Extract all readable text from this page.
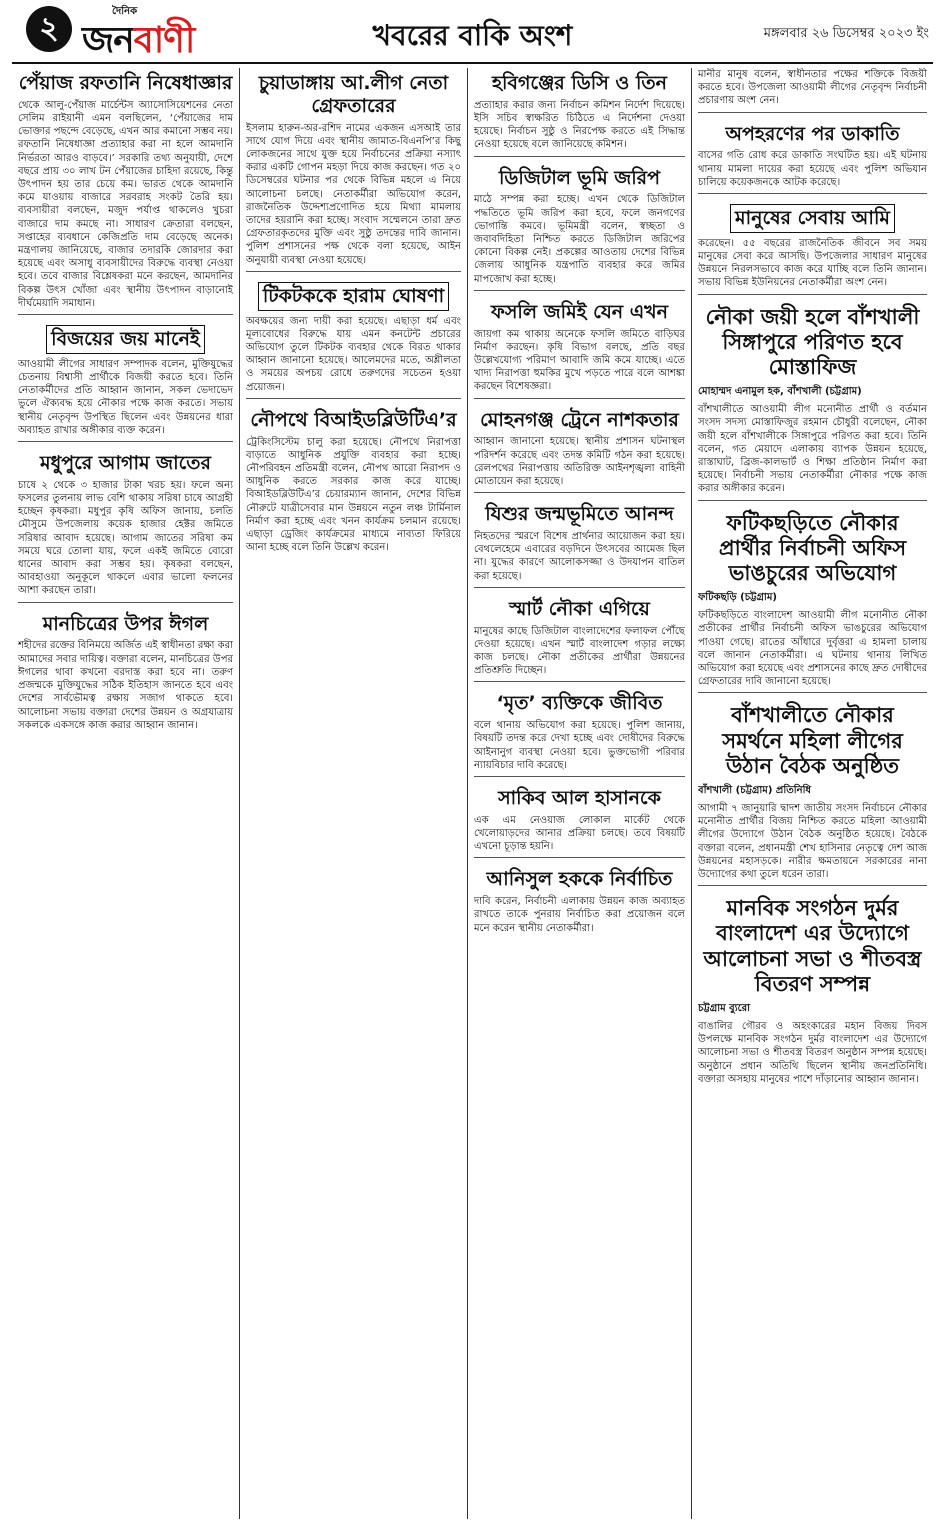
২	দৈনিক
জনবাণী	খবরের বাকি অংশ	মঙ্গলবার ২৬ ডিসেম্বর ২০২৩ ইং
পেঁয়াজ রফতানি নিষেধাজ্ঞার

থেকে আলু-পেঁয়াজ মার্চেন্টস অ্যাসোসিয়েশনের নেতা সেলিম রাইয়ানী এমন বলছিলেন, ‘পেঁয়াজের দাম ভোক্তার পছন্দে বেড়েছে, এখন আর কমানো সম্ভব নয়। রফতানি নিষেধাজ্ঞা প্রত্যাহার করা না হলে আমদানি নির্ভরতা আরও বাড়বে।’ সরকারি তথ্য অনুযায়ী, দেশে বছরে প্রায় ৩০ লাখ টন পেঁয়াজের চাহিদা রয়েছে, কিন্তু উৎপাদন হয় তার চেয়ে কম। ভারত থেকে আমদানি কমে যাওয়ায় বাজারে সরবরাহ সংকট তৈরি হয়। ব্যবসায়ীরা বলছেন, মজুদ পর্যাপ্ত থাকলেও খুচরা বাজারে দাম কমছে না। সাধারণ ক্রেতারা বলছেন, সপ্তাহের ব্যবধানে কেজিপ্রতি দাম বেড়েছে অনেক। মন্ত্রণালয় জানিয়েছে, বাজার তদারকি জোরদার করা হয়েছে এবং অসাধু ব্যবসায়ীদের বিরুদ্ধে ব্যবস্থা নেওয়া হবে। তবে বাজার বিশ্লেষকরা মনে করছেন, আমদানির বিকল্প উৎস খোঁজা এবং স্থানীয় উৎপাদন বাড়ানোই দীর্ঘমেয়াদি সমাধান।

বিজয়ের জয় মানেই

আওয়ামী লীগের সাধারণ সম্পাদক বলেন, মুক্তিযুদ্ধের চেতনায় বিশ্বাসী প্রার্থীকে বিজয়ী করতে হবে। তিনি নেতাকর্মীদের প্রতি আহ্বান জানান, সকল ভেদাভেদ ভুলে ঐক্যবদ্ধ হয়ে নৌকার পক্ষে কাজ করতে। সভায় স্থানীয় নেতৃবৃন্দ উপস্থিত ছিলেন এবং উন্নয়নের ধারা অব্যাহত রাখার অঙ্গীকার ব্যক্ত করেন।

মধুপুরে আগাম জাতের

চাষে ২ থেকে ৩ হাজার টাকা খরচ হয়। ফলে অন্য ফসলের তুলনায় লাভ বেশি থাকায় সরিষা চাষে আগ্রহী হচ্ছেন কৃষকরা। মধুপুর কৃষি অফিস জানায়, চলতি মৌসুমে উপজেলায় কয়েক হাজার হেক্টর জমিতে সরিষার আবাদ হয়েছে। আগাম জাতের সরিষা কম সময়ে ঘরে তোলা যায়, ফলে একই জমিতে বোরো ধানের আবাদ করা সম্ভব হয়। কৃষকরা বলছেন, আবহাওয়া অনুকূলে থাকলে এবার ভালো ফলনের আশা করছেন তারা।

মানচিত্রের উপর ঈগল

শহীদের রক্তের বিনিময়ে অর্জিত এই স্বাধীনতা রক্ষা করা আমাদের সবার দায়িত্ব। বক্তারা বলেন, মানচিত্রের উপর ঈগলের থাবা কখনো বরদাস্ত করা হবে না। তরুণ প্রজন্মকে মুক্তিযুদ্ধের সঠিক ইতিহাস জানতে হবে এবং দেশের সার্বভৌমত্ব রক্ষায় সজাগ থাকতে হবে। আলোচনা সভায় বক্তারা দেশের উন্নয়ন ও অগ্রযাত্রায় সকলকে একসঙ্গে কাজ করার আহ্বান জানান।

চুয়াডাঙ্গায় আ.লীগ নেতা গ্রেফতারের

ইসলাম হারুন-অর-রশিদ নামের একজন এসআই তার সাথে যোগ দিয়ে এবং স্থানীয় জামাত-বিএনপি’র কিছু লোকজনের সাথে যুক্ত হয়ে নির্বাচনের প্রক্রিয়া নস্যাৎ করার একটি গোপন মহড়া দিয়ে কাজ করছেন। গত ২০ ডিসেম্বরের ঘটনার পর থেকে বিভিন্ন মহলে এ নিয়ে আলোচনা চলছে। নেতাকর্মীরা অভিযোগ করেন, রাজনৈতিক উদ্দেশ্যপ্রণোদিত হয়ে মিথ্যা মামলায় তাদের হয়রানি করা হচ্ছে। সংবাদ সম্মেলনে তারা দ্রুত গ্রেফতারকৃতদের মুক্তি এবং সুষ্ঠু তদন্তের দাবি জানান। পুলিশ প্রশাসনের পক্ষ থেকে বলা হয়েছে, আইন অনুযায়ী ব্যবস্থা নেওয়া হয়েছে।

টিকটককে হারাম ঘোষণা

অবক্ষয়ের জন্য দায়ী করা হয়েছে। এছাড়া ধর্ম এবং মূল্যবোধের বিরুদ্ধে যায় এমন কনটেন্ট প্রচারের অভিযোগ তুলে টিকটক ব্যবহার থেকে বিরত থাকার আহ্বান জানানো হয়েছে। আলেমদের মতে, অশ্লীলতা ও সময়ের অপচয় রোধে তরুণদের সচেতন হওয়া প্রয়োজন।

নৌপথে বিআইডব্লিউটিএ’র

ট্রেকিংসিস্টেম চালু করা হয়েছে। নৌপথে নিরাপত্তা বাড়াতে আধুনিক প্রযুক্তি ব্যবহার করা হচ্ছে। নৌপরিবহন প্রতিমন্ত্রী বলেন, নৌপথ আরো নিরাপদ ও আধুনিক করতে সরকার কাজ করে যাচ্ছে। বিআইডব্লিউটিএ’র চেয়ারম্যান জানান, দেশের বিভিন্ন নৌরুটে যাত্রীসেবার মান উন্নয়নে নতুন লঞ্চ টার্মিনাল নির্মাণ করা হচ্ছে এবং খনন কার্যক্রম চলমান রয়েছে। এছাড়া ড্রেজিং কার্যক্রমের মাধ্যমে নাব্যতা ফিরিয়ে আনা হচ্ছে বলে তিনি উল্লেখ করেন।

হবিগঞ্জের ডিসি ও তিন

প্রত্যাহার করার জন্য নির্বাচন কমিশন নির্দেশ দিয়েছে। ইসি সচিব স্বাক্ষরিত চিঠিতে এ নির্দেশনা দেওয়া হয়েছে। নির্বাচন সুষ্ঠু ও নিরপেক্ষ করতে এই সিদ্ধান্ত নেওয়া হয়েছে বলে জানিয়েছে কমিশন।

ডিজিটাল ভূমি জরিপ

মাঠে সম্পন্ন করা হচ্ছে। এখন থেকে ডিজিটাল পদ্ধতিতে ভূমি জরিপ করা হবে, ফলে জনগণের ভোগান্তি কমবে। ভূমিমন্ত্রী বলেন, স্বচ্ছতা ও জবাবদিহিতা নিশ্চিত করতে ডিজিটাল জরিপের কোনো বিকল্প নেই। প্রকল্পের আওতায় দেশের বিভিন্ন জেলায় আধুনিক যন্ত্রপাতি ব্যবহার করে জমির মাপজোখ করা হচ্ছে।

ফসলি জমিই যেন এখন

জায়গা কম থাকায় অনেকে ফসলি জমিতে বাড়িঘর নির্মাণ করছেন। কৃষি বিভাগ বলছে, প্রতি বছর উল্লেখযোগ্য পরিমাণ আবাদি জমি কমে যাচ্ছে। এতে খাদ্য নিরাপত্তা হুমকির মুখে পড়তে পারে বলে আশঙ্কা করছেন বিশেষজ্ঞরা।

মোহনগঞ্জ ট্রেনে নাশকতার

আহ্বান জানানো হয়েছে। স্থানীয় প্রশাসন ঘটনাস্থল পরিদর্শন করেছে এবং তদন্ত কমিটি গঠন করা হয়েছে। রেলপথের নিরাপত্তায় অতিরিক্ত আইনশৃঙ্খলা বাহিনী মোতায়েন করা হয়েছে।

যিশুর জন্মভূমিতে আনন্দ

নিহতদের স্মরণে বিশেষ প্রার্থনার আয়োজন করা হয়। বেথলেহেমে এবারের বড়দিনে উৎসবের আমেজ ছিল না। যুদ্ধের কারণে আলোকসজ্জা ও উদযাপন বাতিল করা হয়েছে।

স্মার্ট নৌকা এগিয়ে

মানুষের কাছে ডিজিটাল বাংলাদেশের ফলাফল পৌঁছে দেওয়া হয়েছে। এখন স্মার্ট বাংলাদেশ গড়ার লক্ষ্যে কাজ চলছে। নৌকা প্রতীকের প্রার্থীরা উন্নয়নের প্রতিশ্রুতি দিচ্ছেন।

‘মৃত’ ব্যক্তিকে জীবিত

বলে থানায় অভিযোগ করা হয়েছে। পুলিশ জানায়, বিষয়টি তদন্ত করে দেখা হচ্ছে এবং দোষীদের বিরুদ্ধে আইনানুগ ব্যবস্থা নেওয়া হবে। ভুক্তভোগী পরিবার ন্যায়বিচার দাবি করেছে।

সাকিব আল হাসানকে

এক এম নেওয়াজ লোকাল মার্কেট থেকে খেলোয়াড়দের আনার প্রক্রিয়া চলছে। তবে বিষয়টি এখনো চূড়ান্ত হয়নি।

আনিসুল হককে নির্বাচিত

দাবি করেন, নির্বাচনী এলাকায় উন্নয়ন কাজ অব্যাহত রাখতে তাকে পুনরায় নির্বাচিত করা প্রয়োজন বলে মনে করেন স্থানীয় নেতাকর্মীরা।

মানীর মানুষ বলেন, স্বাধীনতার পক্ষের শক্তিকে বিজয়ী করতে হবে। উপজেলা আওয়ামী লীগের নেতৃবৃন্দ নির্বাচনী প্রচারণায় অংশ নেন।

অপহরণের পর ডাকাতি

বাসের গতি রোধ করে ডাকাতি সংঘটিত হয়। এই ঘটনায় থানায় মামলা দায়ের করা হয়েছে এবং পুলিশ অভিযান চালিয়ে কয়েকজনকে আটক করেছে।

মানুষের সেবায় আমি

করেছেন। ৫৫ বছরের রাজনৈতিক জীবনে সব সময় মানুষের সেবা করে আসছি। উপজেলার সাধারণ মানুষের উন্নয়নে নিরলসভাবে কাজ করে যাচ্ছি বলে তিনি জানান। সভায় বিভিন্ন ইউনিয়নের নেতাকর্মীরা অংশ নেন।

নৌকা জয়ী হলে বাঁশখালী সিঙ্গাপুরে পরিণত হবে মোস্তাফিজ
মোহাম্মদ এনামুল হক, বাঁশখালী (চট্টগ্রাম)

বাঁশখালীতে আওয়ামী লীগ মনোনীত প্রার্থী ও বর্তমান সংসদ সদস্য মোস্তাফিজুর রহমান চৌধুরী বলেছেন, নৌকা জয়ী হলে বাঁশখালীকে সিঙ্গাপুরে পরিণত করা হবে। তিনি বলেন, গত মেয়াদে এলাকায় ব্যাপক উন্নয়ন হয়েছে, রাস্তাঘাট, ব্রিজ-কালভার্ট ও শিক্ষা প্রতিষ্ঠান নির্মাণ করা হয়েছে। নির্বাচনী সভায় নেতাকর্মীরা নৌকার পক্ষে কাজ করার অঙ্গীকার করেন।

ফটিকছড়িতে নৌকার প্রার্থীর নির্বাচনী অফিস ভাঙচুরের অভিযোগ
ফটিকছড়ি (চট্টগ্রাম)

ফটিকছড়িতে বাংলাদেশ আওয়ামী লীগ মনোনীত নৌকা প্রতীকের প্রার্থীর নির্বাচনী অফিস ভাঙচুরের অভিযোগ পাওয়া গেছে। রাতের আঁধারে দুর্বৃত্তরা এ হামলা চালায় বলে জানান নেতাকর্মীরা। এ ঘটনায় থানায় লিখিত অভিযোগ করা হয়েছে এবং প্রশাসনের কাছে দ্রুত দোষীদের গ্রেফতারের দাবি জানানো হয়েছে।

বাঁশখালীতে নৌকার সমর্থনে মহিলা লীগের উঠান বৈঠক অনুষ্ঠিত
বাঁশখালী (চট্টগ্রাম) প্রতিনিধি

আগামী ৭ জানুয়ারি দ্বাদশ জাতীয় সংসদ নির্বাচনে নৌকার মনোনীত প্রার্থীর বিজয় নিশ্চিত করতে মহিলা আওয়ামী লীগের উদ্যোগে উঠান বৈঠক অনুষ্ঠিত হয়েছে। বৈঠকে বক্তারা বলেন, প্রধানমন্ত্রী শেখ হাসিনার নেতৃত্বে দেশ আজ উন্নয়নের মহাসড়কে। নারীর ক্ষমতায়নে সরকারের নানা উদ্যোগের কথা তুলে ধরেন তারা।

মানবিক সংগঠন দুর্মর বাংলাদেশ এর উদ্যোগে আলোচনা সভা ও শীতবস্ত্র বিতরণ সম্পন্ন
চট্টগ্রাম ব্যুরো

বাঙালির গৌরব ও অহংকারের মহান বিজয় দিবস উপলক্ষে মানবিক সংগঠন দুর্মর বাংলাদেশ এর উদ্যোগে আলোচনা সভা ও শীতবস্ত্র বিতরণ অনুষ্ঠান সম্পন্ন হয়েছে। অনুষ্ঠানে প্রধান অতিথি ছিলেন স্থানীয় জনপ্রতিনিধি। বক্তারা অসহায় মানুষের পাশে দাঁড়ানোর আহ্বান জানান।
